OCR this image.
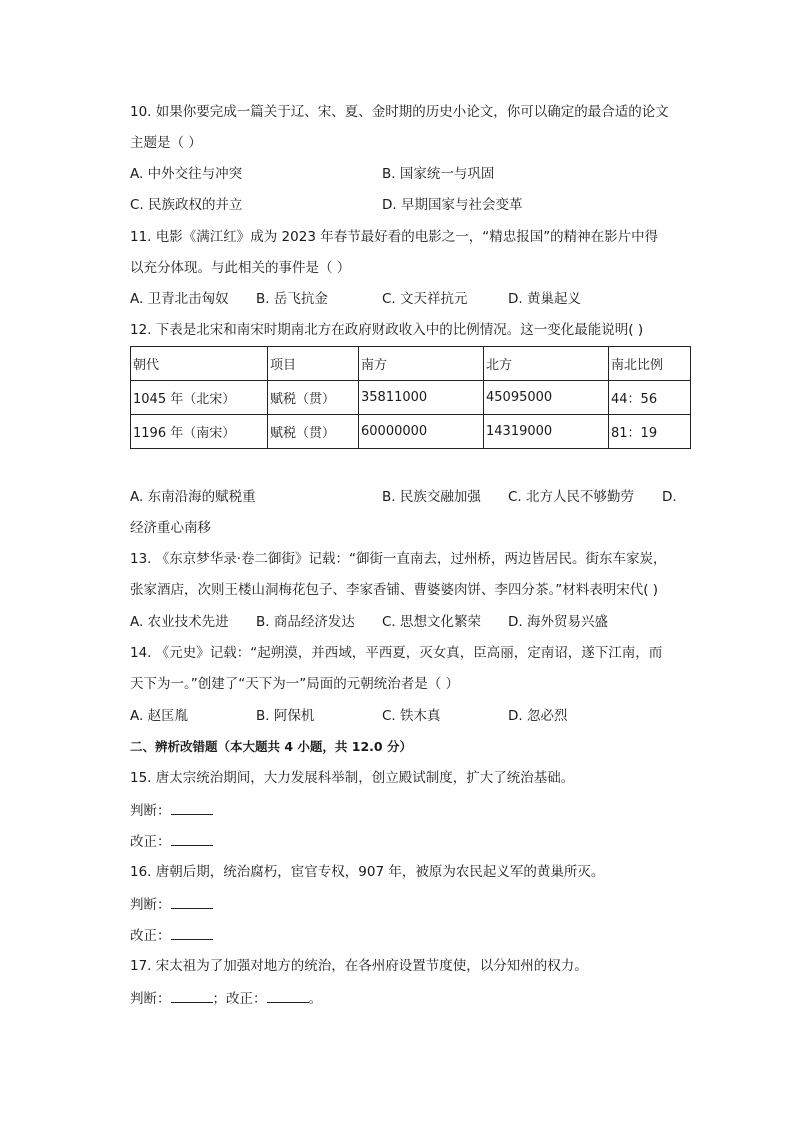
10. 如果你要完成一篇关于辽、宋、夏、金时期的历史小论文，你可以确定的最合适的论文
主题是（ ）
A. 中外交往与冲突	B. 国家统一与巩固
C. 民族政权的并立	D. 早期国家与社会变革
11. 电影《满江红》成为 2023 年春节最好看的电影之一，“精忠报国”的精神在影片中得
以充分体现。与此相关的事件是（ ）
A. 卫青北击匈奴 B. 岳飞抗金	C. 文天祥抗元	D. 黄巢起义
12. 下表是北宋和南宋时期南北方在政府财政收入中的比例情况。这一变化最能说明( )
朝代	项目	南方	北方	南北比例
1045 年（北宋）	赋税（贯）	35811000	45095000	44：56
1196 年（南宋）	赋税（贯）	60000000	14319000	81：19
A. 东南沿海的赋税重	B. 民族交融加强 C. 北方人民不够勤劳 D.
经济重心南移
13. 《东京梦华录·卷二御街》记载：“御街一直南去，过州桥，两边皆居民。街东车家炭，
张家酒店，次则王楼山洞梅花包子、李家香铺、曹婆婆肉饼、李四分茶。”材料表明宋代( )
A. 农业技术先进 B. 商品经济发达 C. 思想文化繁荣 D. 海外贸易兴盛
14. 《元史》记载：“起朔漠，并西域，平西夏，灭女真，臣高丽，定南诏，遂下江南，而
天下为一。”创建了“天下为一”局面的元朝统治者是（ ）
A. 赵匡胤	B. 阿保机	C. 铁木真	D. 忽必烈
二、辨析改错题（本大题共 4 小题，共 12.0 分）
15. 唐太宗统治期间，大力发展科举制，创立殿试制度，扩大了统治基础。
判断：
改正：
16. 唐朝后期，统治腐朽，宦官专权，907 年，被原为农民起义军的黄巢所灭。
判断：
改正：
17. 宋太祖为了加强对地方的统治，在各州府设置节度使，以分知州的权力。
判断：	；改正：	。
